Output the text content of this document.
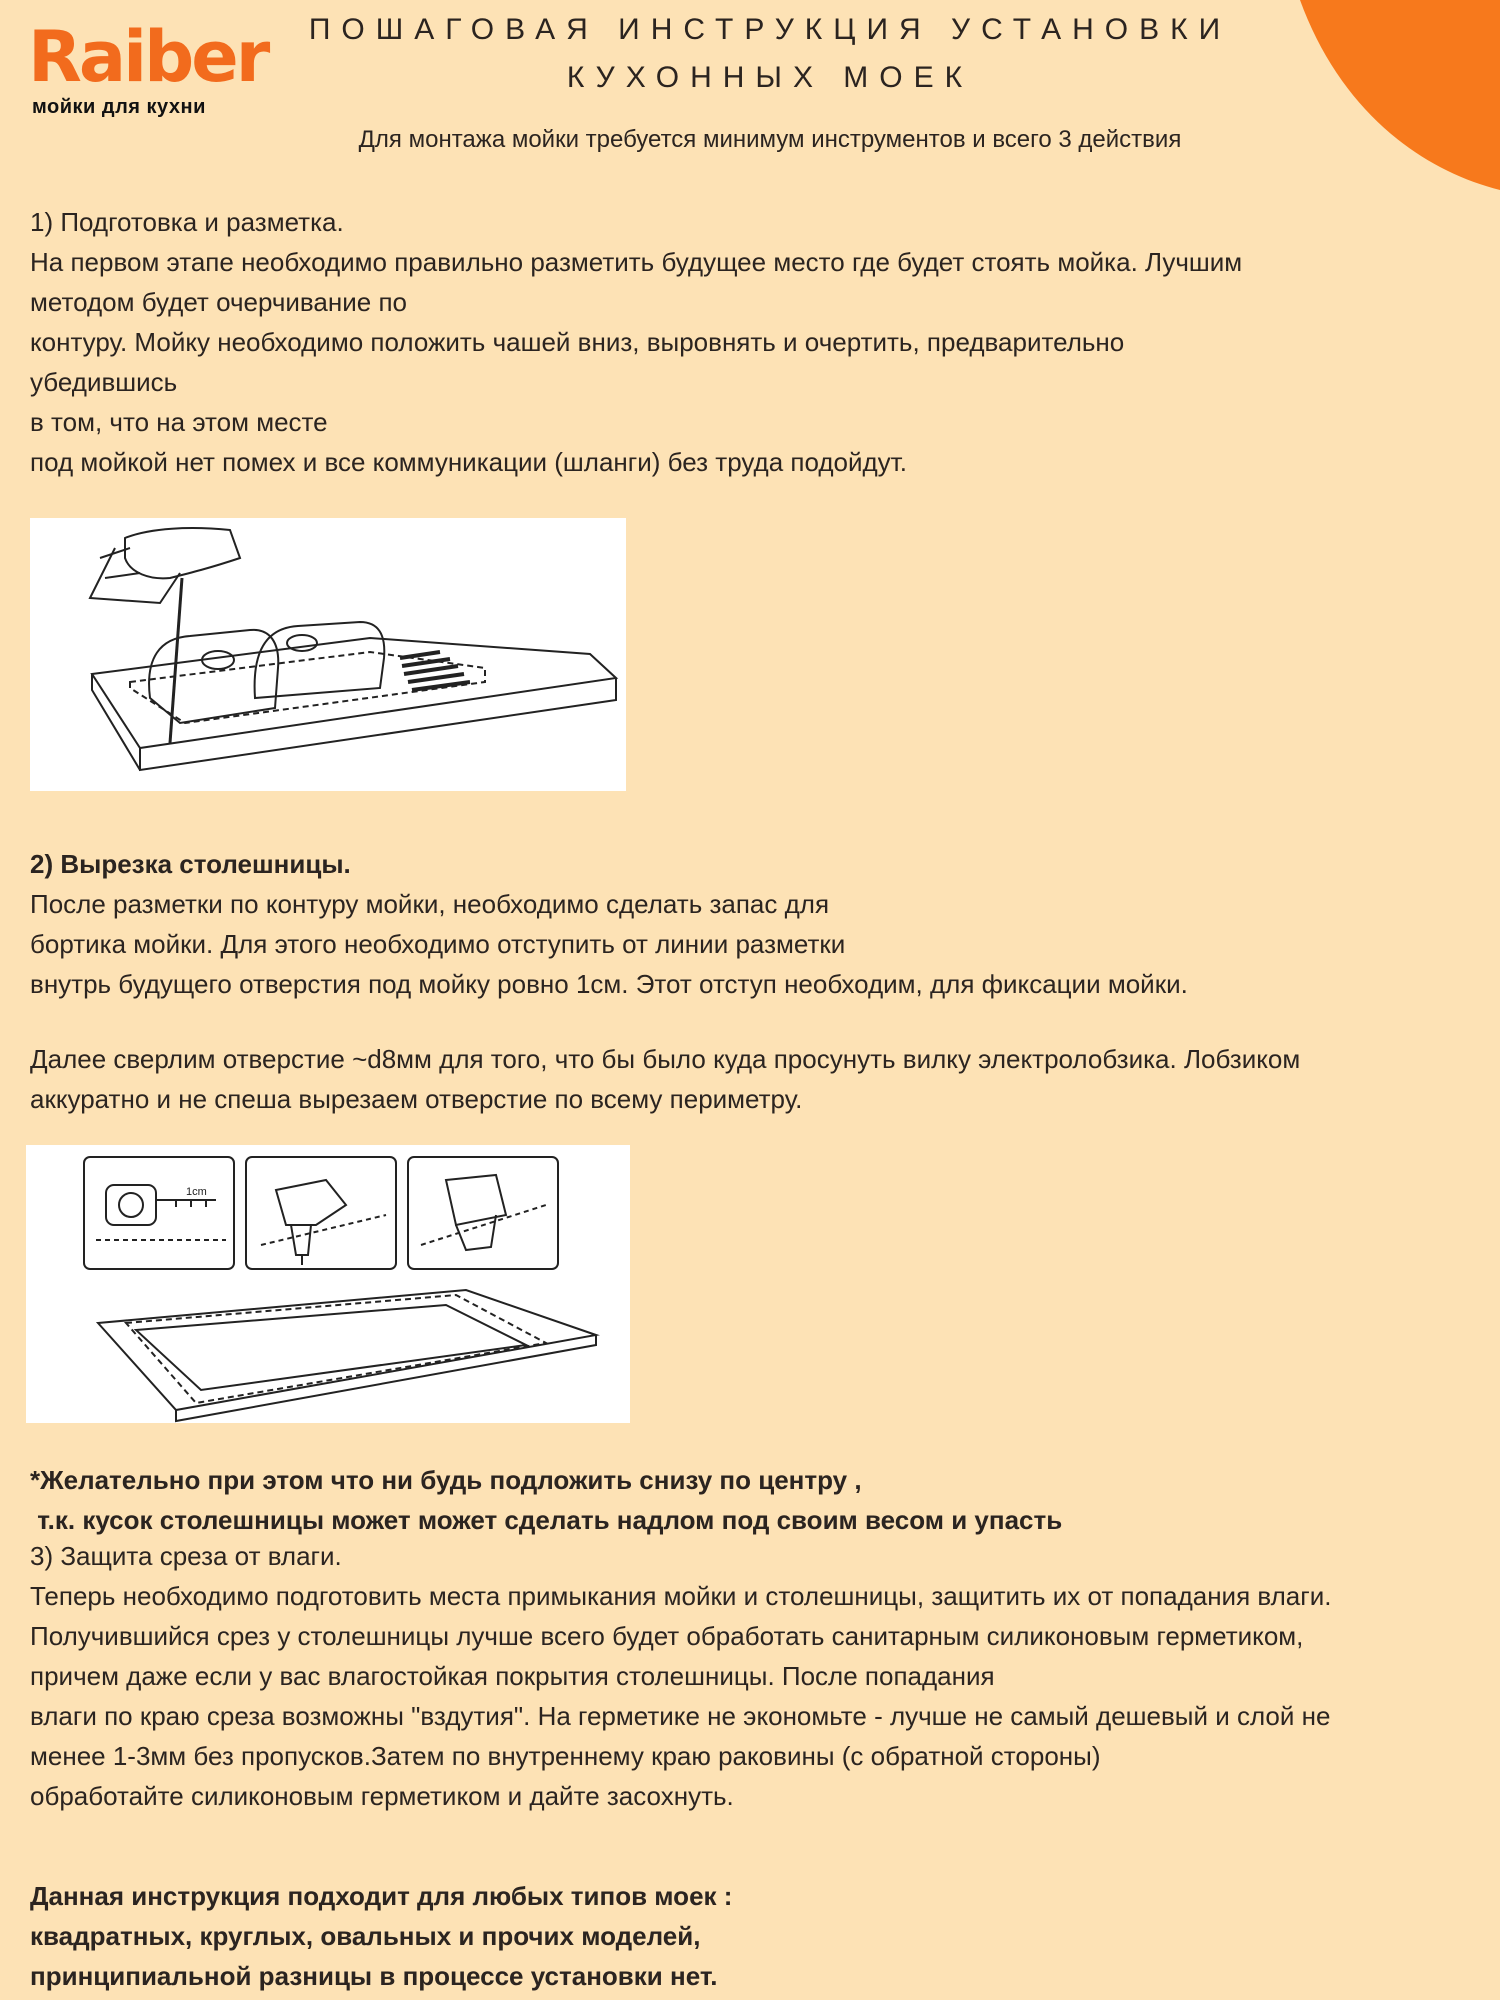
Raiber
мойки для кухни
ПОШАГОВАЯ ИНСТРУКЦИЯ УСТАНОВКИ
КУХОННЫХ МОЕК
Для монтажа мойки требуется минимум инструментов и всего 3 действия

1) Подготовка и разметка.

На первом этапе необходимо правильно разметить будущее место где будет стоять мойка. Лучшим

методом будет очерчивание по

контуру. Мойку необходимо положить чашей вниз, выровнять и очертить, предварительно

убедившись

в том, что на этом месте

под мойкой нет помех и все коммуникации (шланги) без труда подойдут.

2) Вырезка столешницы.

После разметки по контуру мойки, необходимо сделать запас для

бортика мойки. Для этого необходимо отступить от линии разметки

внутрь будущего отверстия под мойку ровно 1см. Этот отступ необходим, для фиксации мойки.

Далее сверлим отверстие ~d8мм для того, что бы было куда просунуть вилку электролобзика. Лобзиком

аккуратно и не спеша вырезаем отверстие по всему периметру.

1cm

*Желательно при этом что ни будь подложить снизу по центру ,

т.к. кусок столешницы может может сделать надлом под своим весом и упасть

3) Защита среза от влаги.

Теперь необходимо подготовить места примыкания мойки и столешницы, защитить их от попадания влаги.

Получившийся срез у столешницы лучше всего будет обработать санитарным силиконовым герметиком,

причем даже если у вас влагостойкая покрытия столешницы. После попадания

влаги по краю среза возможны "вздутия". На герметике не экономьте - лучше не самый дешевый и слой не

менее 1-3мм без пропусков.Затем по внутреннему краю раковины (с обратной стороны)

обработайте силиконовым герметиком и дайте засохнуть.

Данная инструкция подходит для любых типов моек :

квадратных, круглых, овальных и прочих моделей,

принципиальной разницы в процессе установки нет.
